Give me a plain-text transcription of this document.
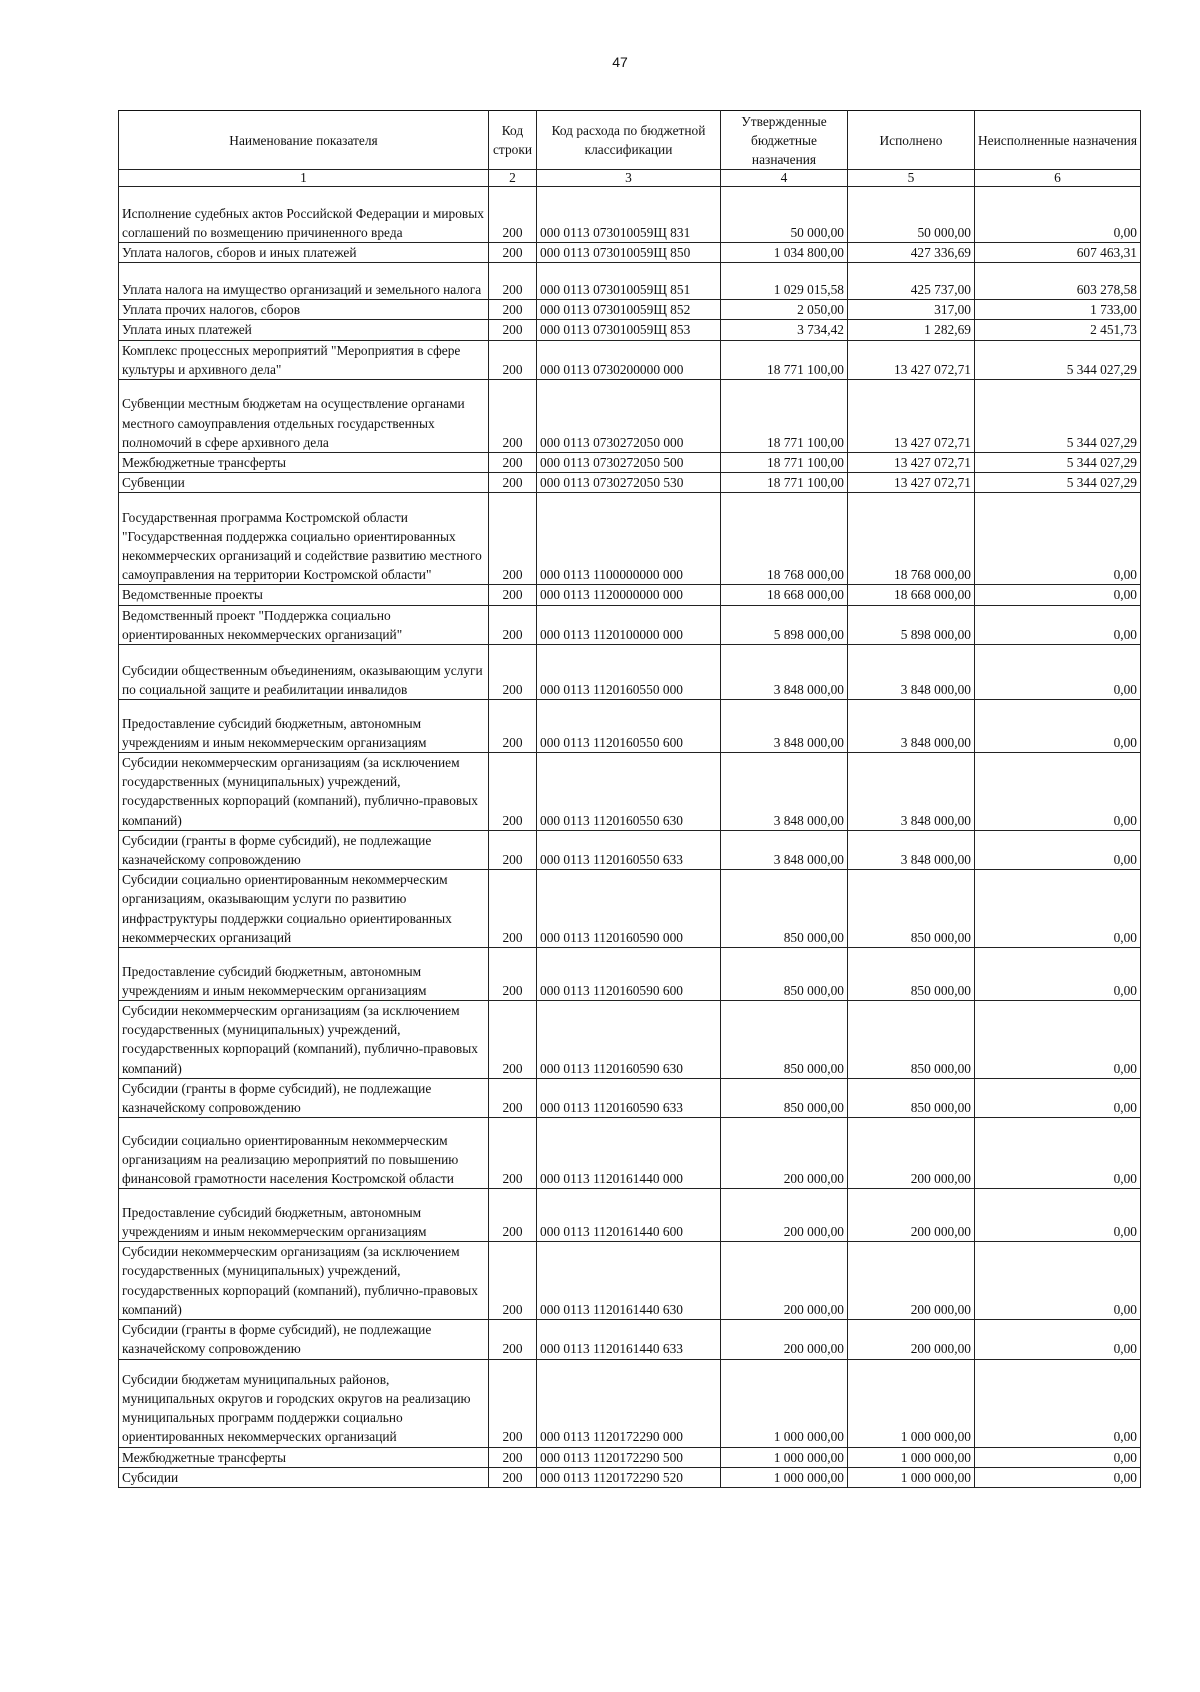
47
Наименование показателя	Код строки	Код расхода по бюджетной классификации	Утвержденные бюджетные назначения	Исполнено	Неисполненные назначения
1	2	3	4	5	6
Исполнение судебных актов Российской Федерации и мировых соглашений по возмещению причиненного вреда	200	000 0113 073010059Щ 831	50 000,00	50 000,00	0,00
Уплата налогов, сборов и иных платежей	200	000 0113 073010059Щ 850	1 034 800,00	427 336,69	607 463,31
Уплата налога на имущество организаций и земельного налога	200	000 0113 073010059Щ 851	1 029 015,58	425 737,00	603 278,58
Уплата прочих налогов, сборов	200	000 0113 073010059Щ 852	2 050,00	317,00	1 733,00
Уплата иных платежей	200	000 0113 073010059Щ 853	3 734,42	1 282,69	2 451,73
Комплекс процессных мероприятий "Мероприятия в сфере культуры и архивного дела"	200	000 0113 0730200000 000	18 771 100,00	13 427 072,71	5 344 027,29
Субвенции местным бюджетам на осуществление органами местного самоуправления отдельных государственных полномочий в сфере архивного дела	200	000 0113 0730272050 000	18 771 100,00	13 427 072,71	5 344 027,29
Межбюджетные трансферты	200	000 0113 0730272050 500	18 771 100,00	13 427 072,71	5 344 027,29
Субвенции	200	000 0113 0730272050 530	18 771 100,00	13 427 072,71	5 344 027,29
Государственная программа Костромской области "Государственная поддержка социально ориентированных некоммерческих организаций и содействие развитию местного самоуправления на территории Костромской области"	200	000 0113 1100000000 000	18 768 000,00	18 768 000,00	0,00
Ведомственные проекты	200	000 0113 1120000000 000	18 668 000,00	18 668 000,00	0,00
Ведомственный проект "Поддержка социально ориентированных некоммерческих организаций"	200	000 0113 1120100000 000	5 898 000,00	5 898 000,00	0,00
Субсидии общественным объединениям, оказывающим услуги по социальной защите и реабилитации инвалидов	200	000 0113 1120160550 000	3 848 000,00	3 848 000,00	0,00
Предоставление субсидий бюджетным, автономным учреждениям и иным некоммерческим организациям	200	000 0113 1120160550 600	3 848 000,00	3 848 000,00	0,00
Субсидии некоммерческим организациям (за исключением государственных (муниципальных) учреждений, государственных корпораций (компаний), публично-правовых компаний)	200	000 0113 1120160550 630	3 848 000,00	3 848 000,00	0,00
Субсидии (гранты в форме субсидий), не подлежащие казначейскому сопровождению	200	000 0113 1120160550 633	3 848 000,00	3 848 000,00	0,00
Субсидии социально ориентированным некоммерческим организациям, оказывающим услуги по развитию инфраструктуры поддержки социально ориентированных некоммерческих организаций	200	000 0113 1120160590 000	850 000,00	850 000,00	0,00
Предоставление субсидий бюджетным, автономным учреждениям и иным некоммерческим организациям	200	000 0113 1120160590 600	850 000,00	850 000,00	0,00
Субсидии некоммерческим организациям (за исключением государственных (муниципальных) учреждений, государственных корпораций (компаний), публично-правовых компаний)	200	000 0113 1120160590 630	850 000,00	850 000,00	0,00
Субсидии (гранты в форме субсидий), не подлежащие казначейскому сопровождению	200	000 0113 1120160590 633	850 000,00	850 000,00	0,00
Субсидии социально ориентированным некоммерческим организациям на реализацию мероприятий по повышению финансовой грамотности населения Костромской области	200	000 0113 1120161440 000	200 000,00	200 000,00	0,00
Предоставление субсидий бюджетным, автономным учреждениям и иным некоммерческим организациям	200	000 0113 1120161440 600	200 000,00	200 000,00	0,00
Субсидии некоммерческим организациям (за исключением государственных (муниципальных) учреждений, государственных корпораций (компаний), публично-правовых компаний)	200	000 0113 1120161440 630	200 000,00	200 000,00	0,00
Субсидии (гранты в форме субсидий), не подлежащие казначейскому сопровождению	200	000 0113 1120161440 633	200 000,00	200 000,00	0,00
Субсидии бюджетам муниципальных районов, муниципальных округов и городских округов на реализацию муниципальных программ поддержки социально ориентированных некоммерческих организаций	200	000 0113 1120172290 000	1 000 000,00	1 000 000,00	0,00
Межбюджетные трансферты	200	000 0113 1120172290 500	1 000 000,00	1 000 000,00	0,00
Субсидии	200	000 0113 1120172290 520	1 000 000,00	1 000 000,00	0,00
